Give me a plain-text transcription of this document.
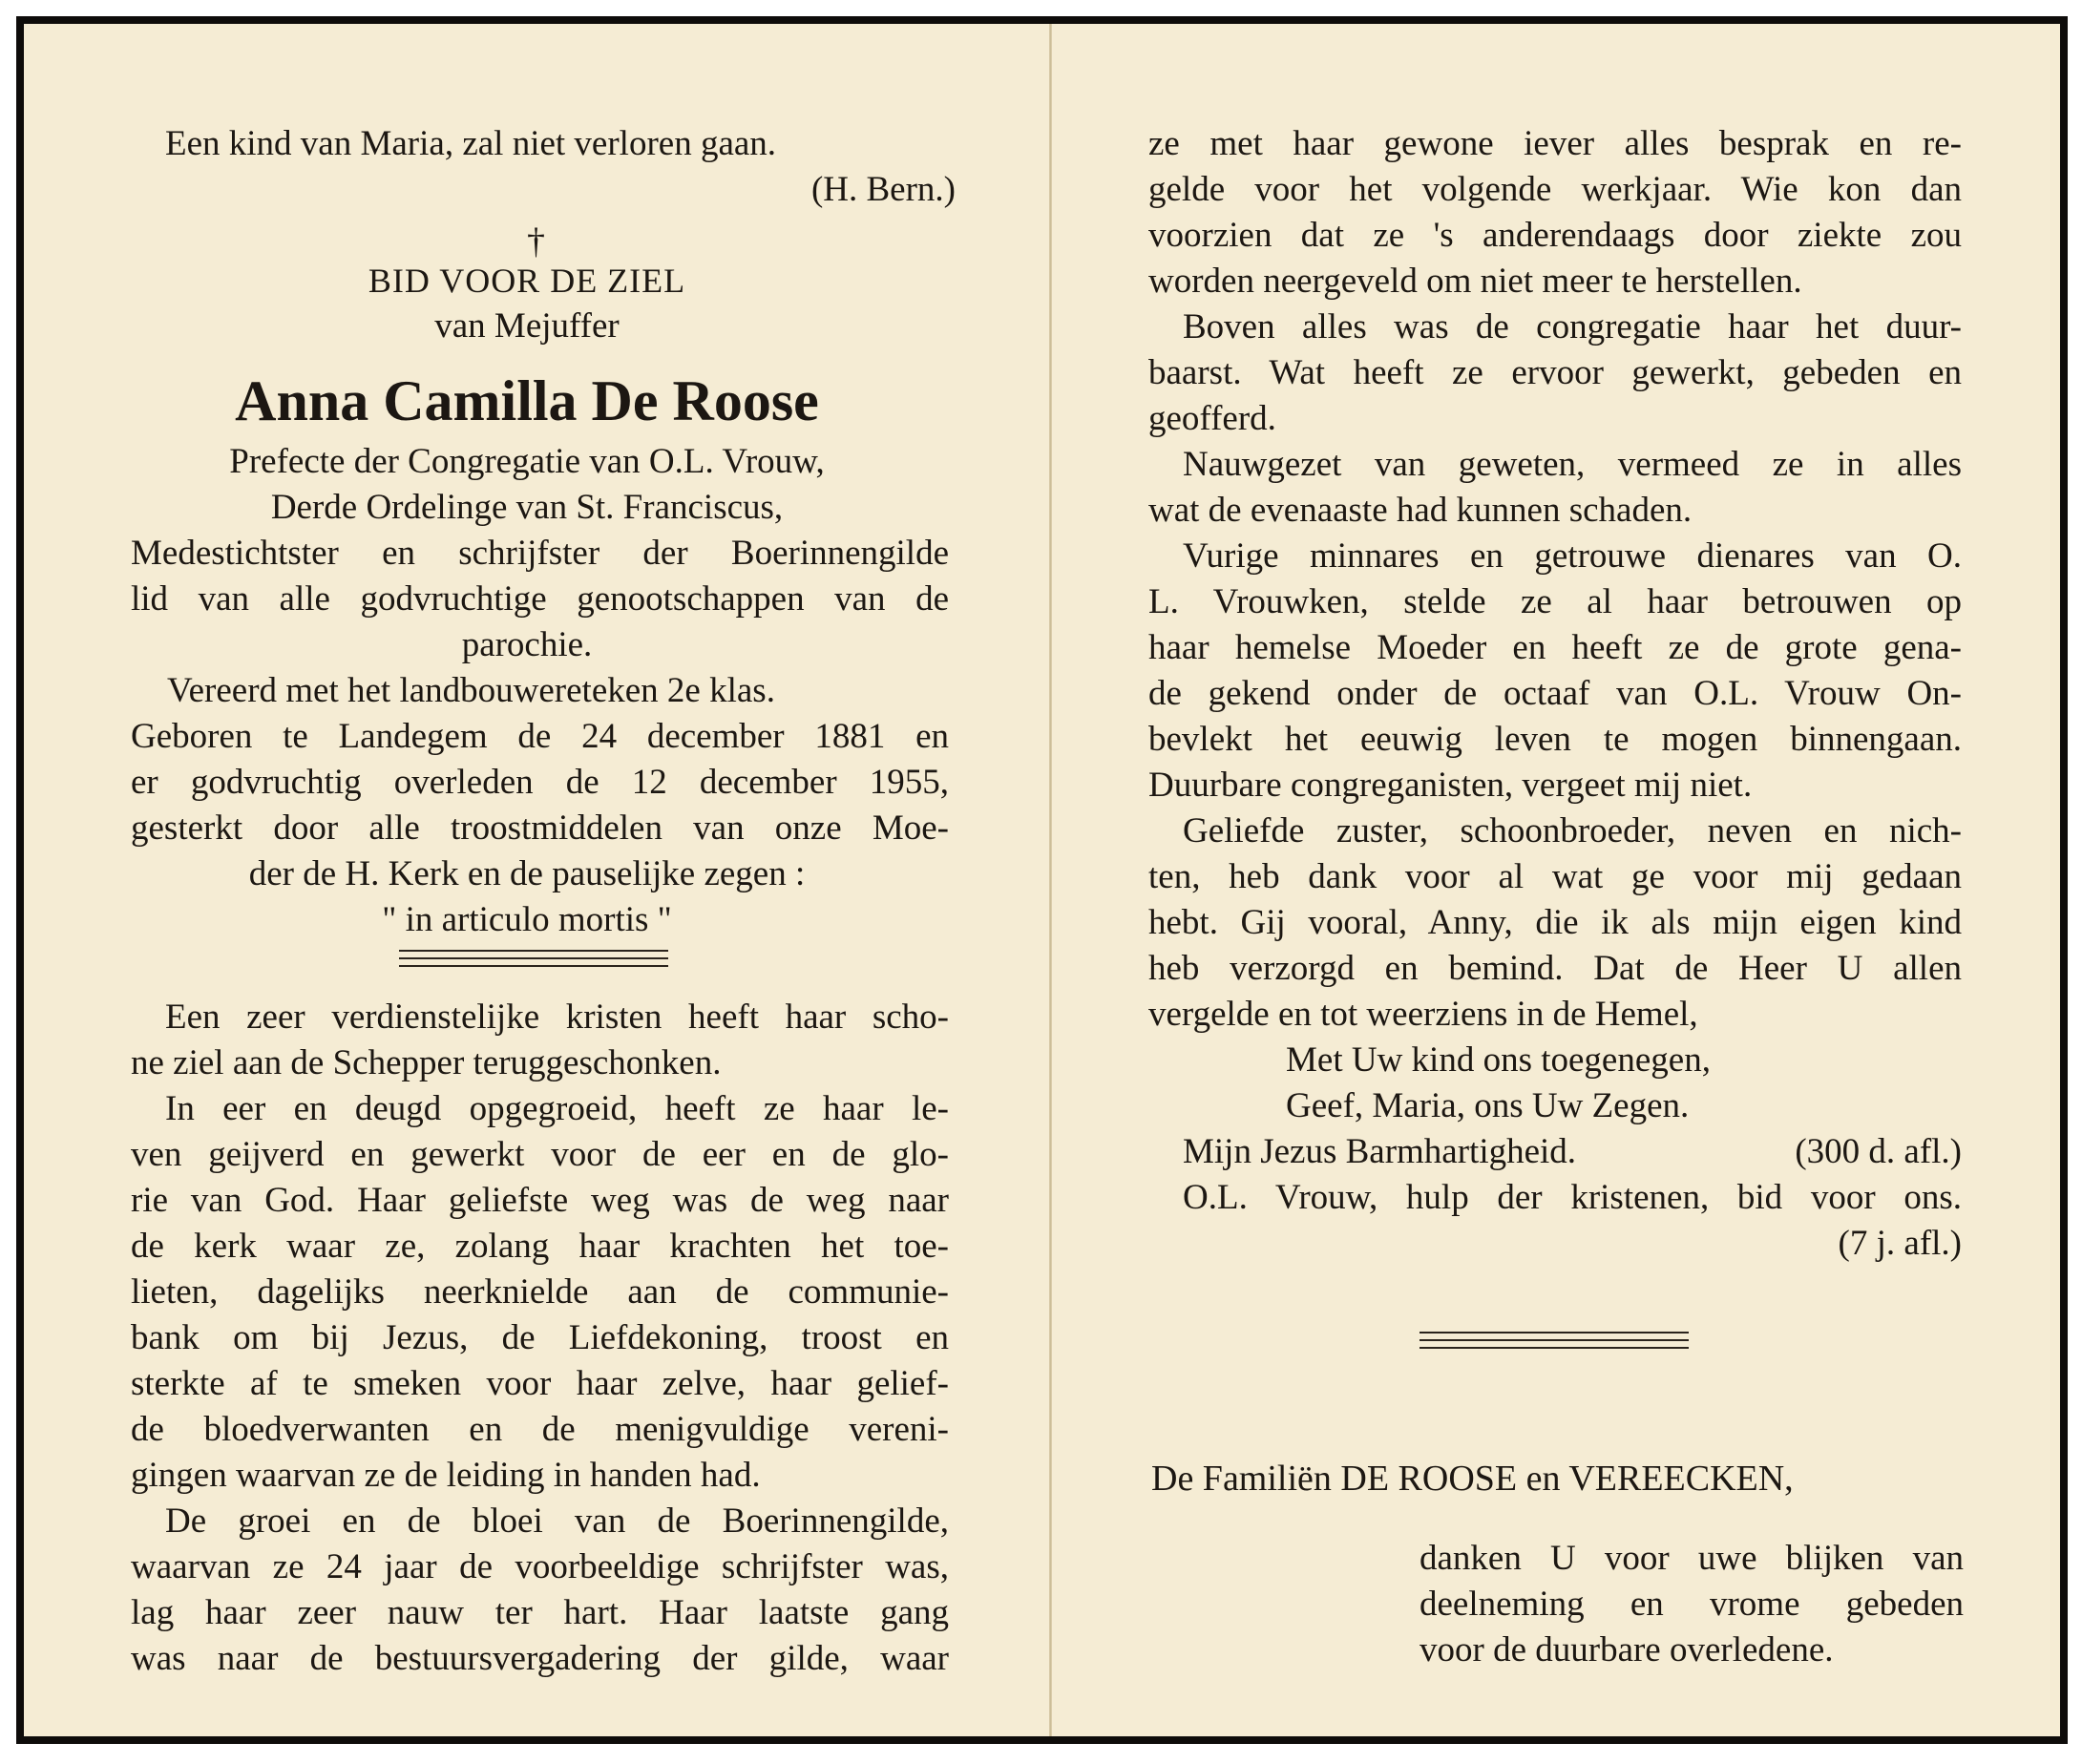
Een kind van Maria, zal niet verloren gaan.
(H. Bern.)
†
BID VOOR DE ZIEL
van Mejuffer
Anna Camilla De Roose
Prefecte der Congregatie van O.L. Vrouw,
Derde Ordelinge van St. Franciscus,
Medestichtster en schrijfster der Boerinnengilde
lid van alle godvruchtige genootschappen van de
parochie.
Vereerd met het landbouwereteken 2e klas.
Geboren te Landegem de 24 december 1881 en
er godvruchtig overleden de 12 december 1955,
gesterkt door alle troostmiddelen van onze Moe-
der de H. Kerk en de pauselijke zegen :
" in articulo mortis "
Een zeer verdienstelijke kristen heeft haar scho-
ne ziel aan de Schepper teruggeschonken.
In eer en deugd opgegroeid, heeft ze haar le-
ven geijverd en gewerkt voor de eer en de glo-
rie van God. Haar geliefste weg was de weg naar
de kerk waar ze, zolang haar krachten het toe-
lieten, dagelijks neerknielde aan de communie-
bank om bij Jezus, de Liefdekoning, troost en
sterkte af te smeken voor haar zelve, haar gelief-
de bloedverwanten en de menigvuldige vereni-
gingen waarvan ze de leiding in handen had.
De groei en de bloei van de Boerinnengilde,
waarvan ze 24 jaar de voorbeeldige schrijfster was,
lag haar zeer nauw ter hart. Haar laatste gang
was naar de bestuursvergadering der gilde, waar
ze met haar gewone iever alles besprak en re-
gelde voor het volgende werkjaar. Wie kon dan
voorzien dat ze 's anderendaags door ziekte zou
worden neergeveld om niet meer te herstellen.
Boven alles was de congregatie haar het duur-
baarst. Wat heeft ze ervoor gewerkt, gebeden en
geofferd.
Nauwgezet van geweten, vermeed ze in alles
wat de evenaaste had kunnen schaden.
Vurige minnares en getrouwe dienares van O.
L. Vrouwken, stelde ze al haar betrouwen op
haar hemelse Moeder en heeft ze de grote gena-
de gekend onder de octaaf van O.L. Vrouw On-
bevlekt het eeuwig leven te mogen binnengaan.
Duurbare congreganisten, vergeet mij niet.
Geliefde zuster, schoonbroeder, neven en nich-
ten, heb dank voor al wat ge voor mij gedaan
hebt. Gij vooral, Anny, die ik als mijn eigen kind
heb verzorgd en bemind. Dat de Heer U allen
vergelde en tot weerziens in de Hemel,
Met Uw kind ons toegenegen,
Geef, Maria, ons Uw Zegen.
Mijn Jezus Barmhartigheid.	(300 d. afl.)
O.L. Vrouw, hulp der kristenen, bid voor ons.
(7 j. afl.)
De Familiën DE ROOSE en VEREECKEN,
danken U voor uwe blijken van
deelneming en vrome gebeden
voor de duurbare overledene.
